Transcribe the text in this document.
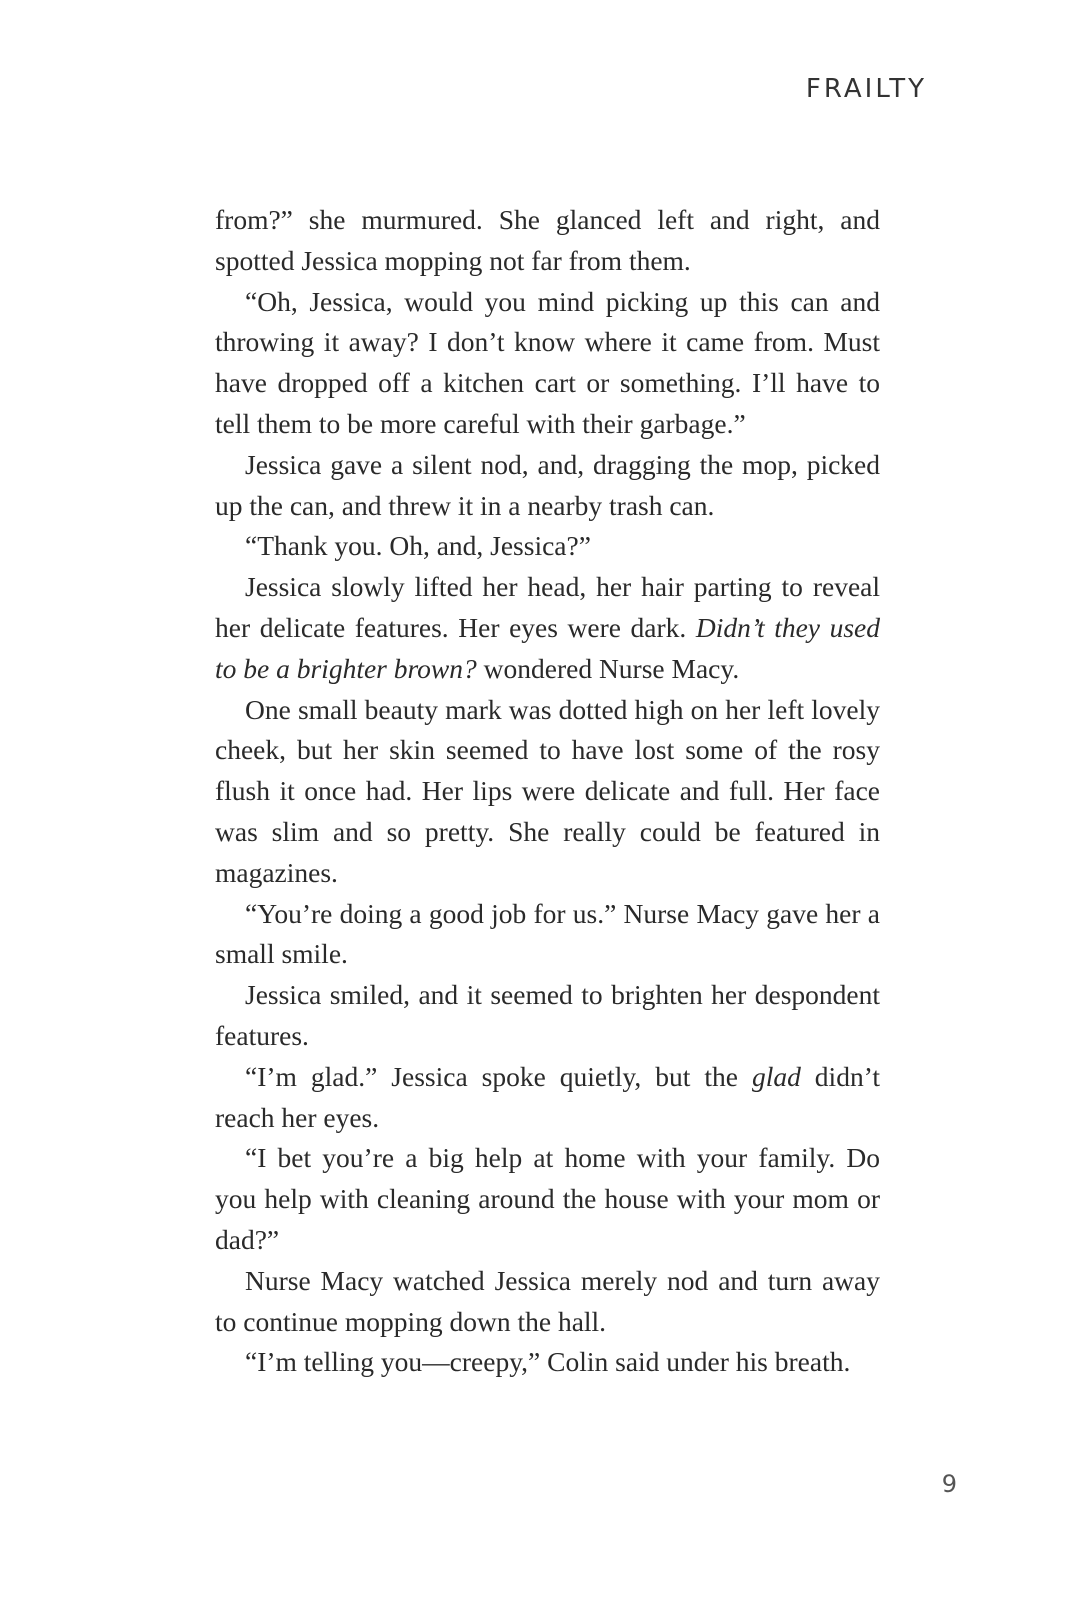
FRAILTY

from?” she murmured. She glanced left and right, and spotted Jessica mopping not far from them.

“Oh, Jessica, would you mind picking up this can and throwing it away? I don’t know where it came from. Must have dropped off a kitchen cart or something. I’ll have to tell them to be more careful with their garbage.”

Jessica gave a silent nod, and, dragging the mop, picked up the can, and threw it in a nearby trash can.

“Thank you. Oh, and, Jessica?”

Jessica slowly lifted her head, her hair parting to reveal her delicate features. Her eyes were dark. Didn’t they used to be a brighter brown? wondered Nurse Macy.

One small beauty mark was dotted high on her left lovely cheek, but her skin seemed to have lost some of the rosy flush it once had. Her lips were delicate and full. Her face was slim and so pretty. She really could be featured in magazines.

“You’re doing a good job for us.” Nurse Macy gave her a small smile.

Jessica smiled, and it seemed to brighten her despondent features.

“I’m glad.” Jessica spoke quietly, but the glad didn’t reach her eyes.

“I bet you’re a big help at home with your family. Do you help with cleaning around the house with your mom or dad?”

Nurse Macy watched Jessica merely nod and turn away to continue mopping down the hall.

“I’m telling you—creepy,” Colin said under his breath.

9
